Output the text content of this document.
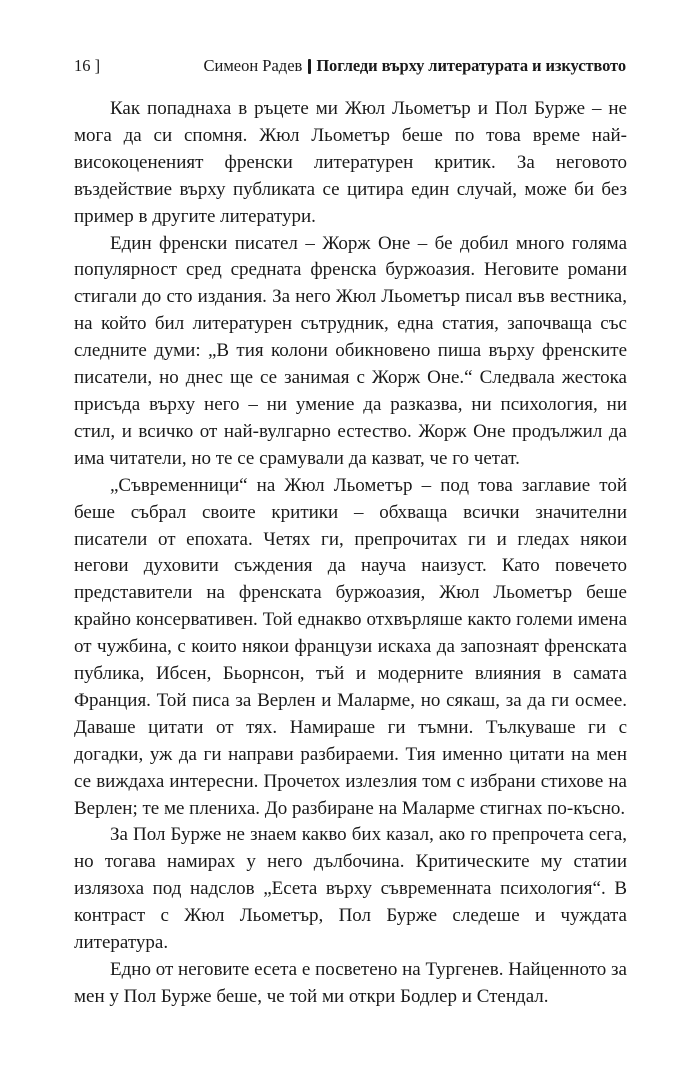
16 ]	Симеон Радев Погледи върху литературата и изкуството

Как попаднаха в ръцете ми Жюл Льометър и Пол Бурже – не мога да си спомня. Жюл Льометър беше по това време най-високоценeният френски литературен критик. За неговото въздействие върху публиката се цитира един случай, може би без пример в другите литератури.

Един френски писател – Жорж Оне – бе добил много голяма популярност сред средната френска буржоазия. Неговите романи стигали до сто издания. За него Жюл Льометър писал във вестника, на който бил литературен сътрудник, една статия, започваща със следните думи: „В тия колони обикновено пиша върху френските писатели, но днес ще се занимая с Жорж Оне.“ Следвала жестока присъда върху него – ни умение да разказва, ни психология, ни стил, и всичко от най-вулгарно естество. Жорж Оне продължил да има читатели, но те се срамували да казват, че го четат.

„Съвременници“ на Жюл Льометър – под това заглавие той беше събрал своите критики – обхваща всички значителни писатели от епохата. Четях ги, препрочитах ги и гледах някои негови духовити съждения да науча наизуст. Като повечето представители на френската буржоазия, Жюл Льометър беше крайно консервативен. Той еднакво отхвърляше както големи имена от чужбина, с които някои французи искаха да запознаят френската публика, Ибсен, Бьорнсон, тъй и модерните влияния в самата Франция. Той писа за Верлен и Маларме, но сякаш, за да ги осмее. Даваше цитати от тях. Намираше ги тъмни. Тълкуваше ги с догадки, уж да ги направи разбираеми. Тия именно цитати на мен се виждаха интересни. Прочетох излезлия том с избрани стихове на Верлен; те ме плениха. До разбиране на Маларме стигнах по-късно.

За Пол Бурже не знаем какво бих казал, ако го препрочета сега, но тогава намирах у него дълбочина. Критическите му статии излязоха под надслов „Есета върху съвременната психология“. В контраст с Жюл Льометър, Пол Бурже следеше и чуждата литература.

Едно от неговите есета е посветено на Тургенев. Найценното за мен у Пол Бурже беше, че той ми откри Бодлер и Стендал.
